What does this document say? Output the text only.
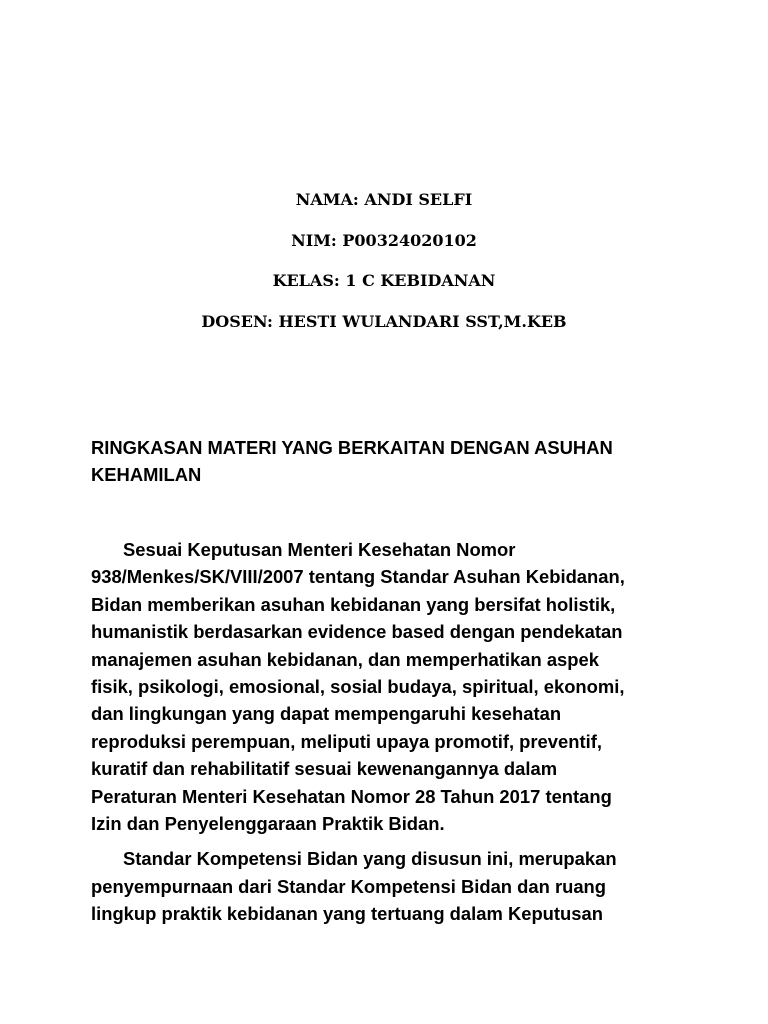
NAMA: ANDI SELFI
NIM: P00324020102
KELAS: 1 C KEBIDANAN
DOSEN: HESTI WULANDARI SST,M.KEB
RINGKASAN MATERI YANG BERKAITAN DENGAN ASUHAN
KEHAMILAN

Sesuai Keputusan Menteri Kesehatan Nomor
938/Menkes/SK/VIII/2007 tentang Standar Asuhan Kebidanan,
Bidan memberikan asuhan kebidanan yang bersifat holistik,
humanistik berdasarkan evidence based dengan pendekatan
manajemen asuhan kebidanan, dan memperhatikan aspek
fisik, psikologi, emosional, sosial budaya, spiritual, ekonomi,
dan lingkungan yang dapat mempengaruhi kesehatan
reproduksi perempuan, meliputi upaya promotif, preventif,
kuratif dan rehabilitatif sesuai kewenangannya dalam
Peraturan Menteri Kesehatan Nomor 28 Tahun 2017 tentang
Izin dan Penyelenggaraan Praktik Bidan.

Standar Kompetensi Bidan yang disusun ini, merupakan
penyempurnaan dari Standar Kompetensi Bidan dan ruang
lingkup praktik kebidanan yang tertuang dalam Keputusan
